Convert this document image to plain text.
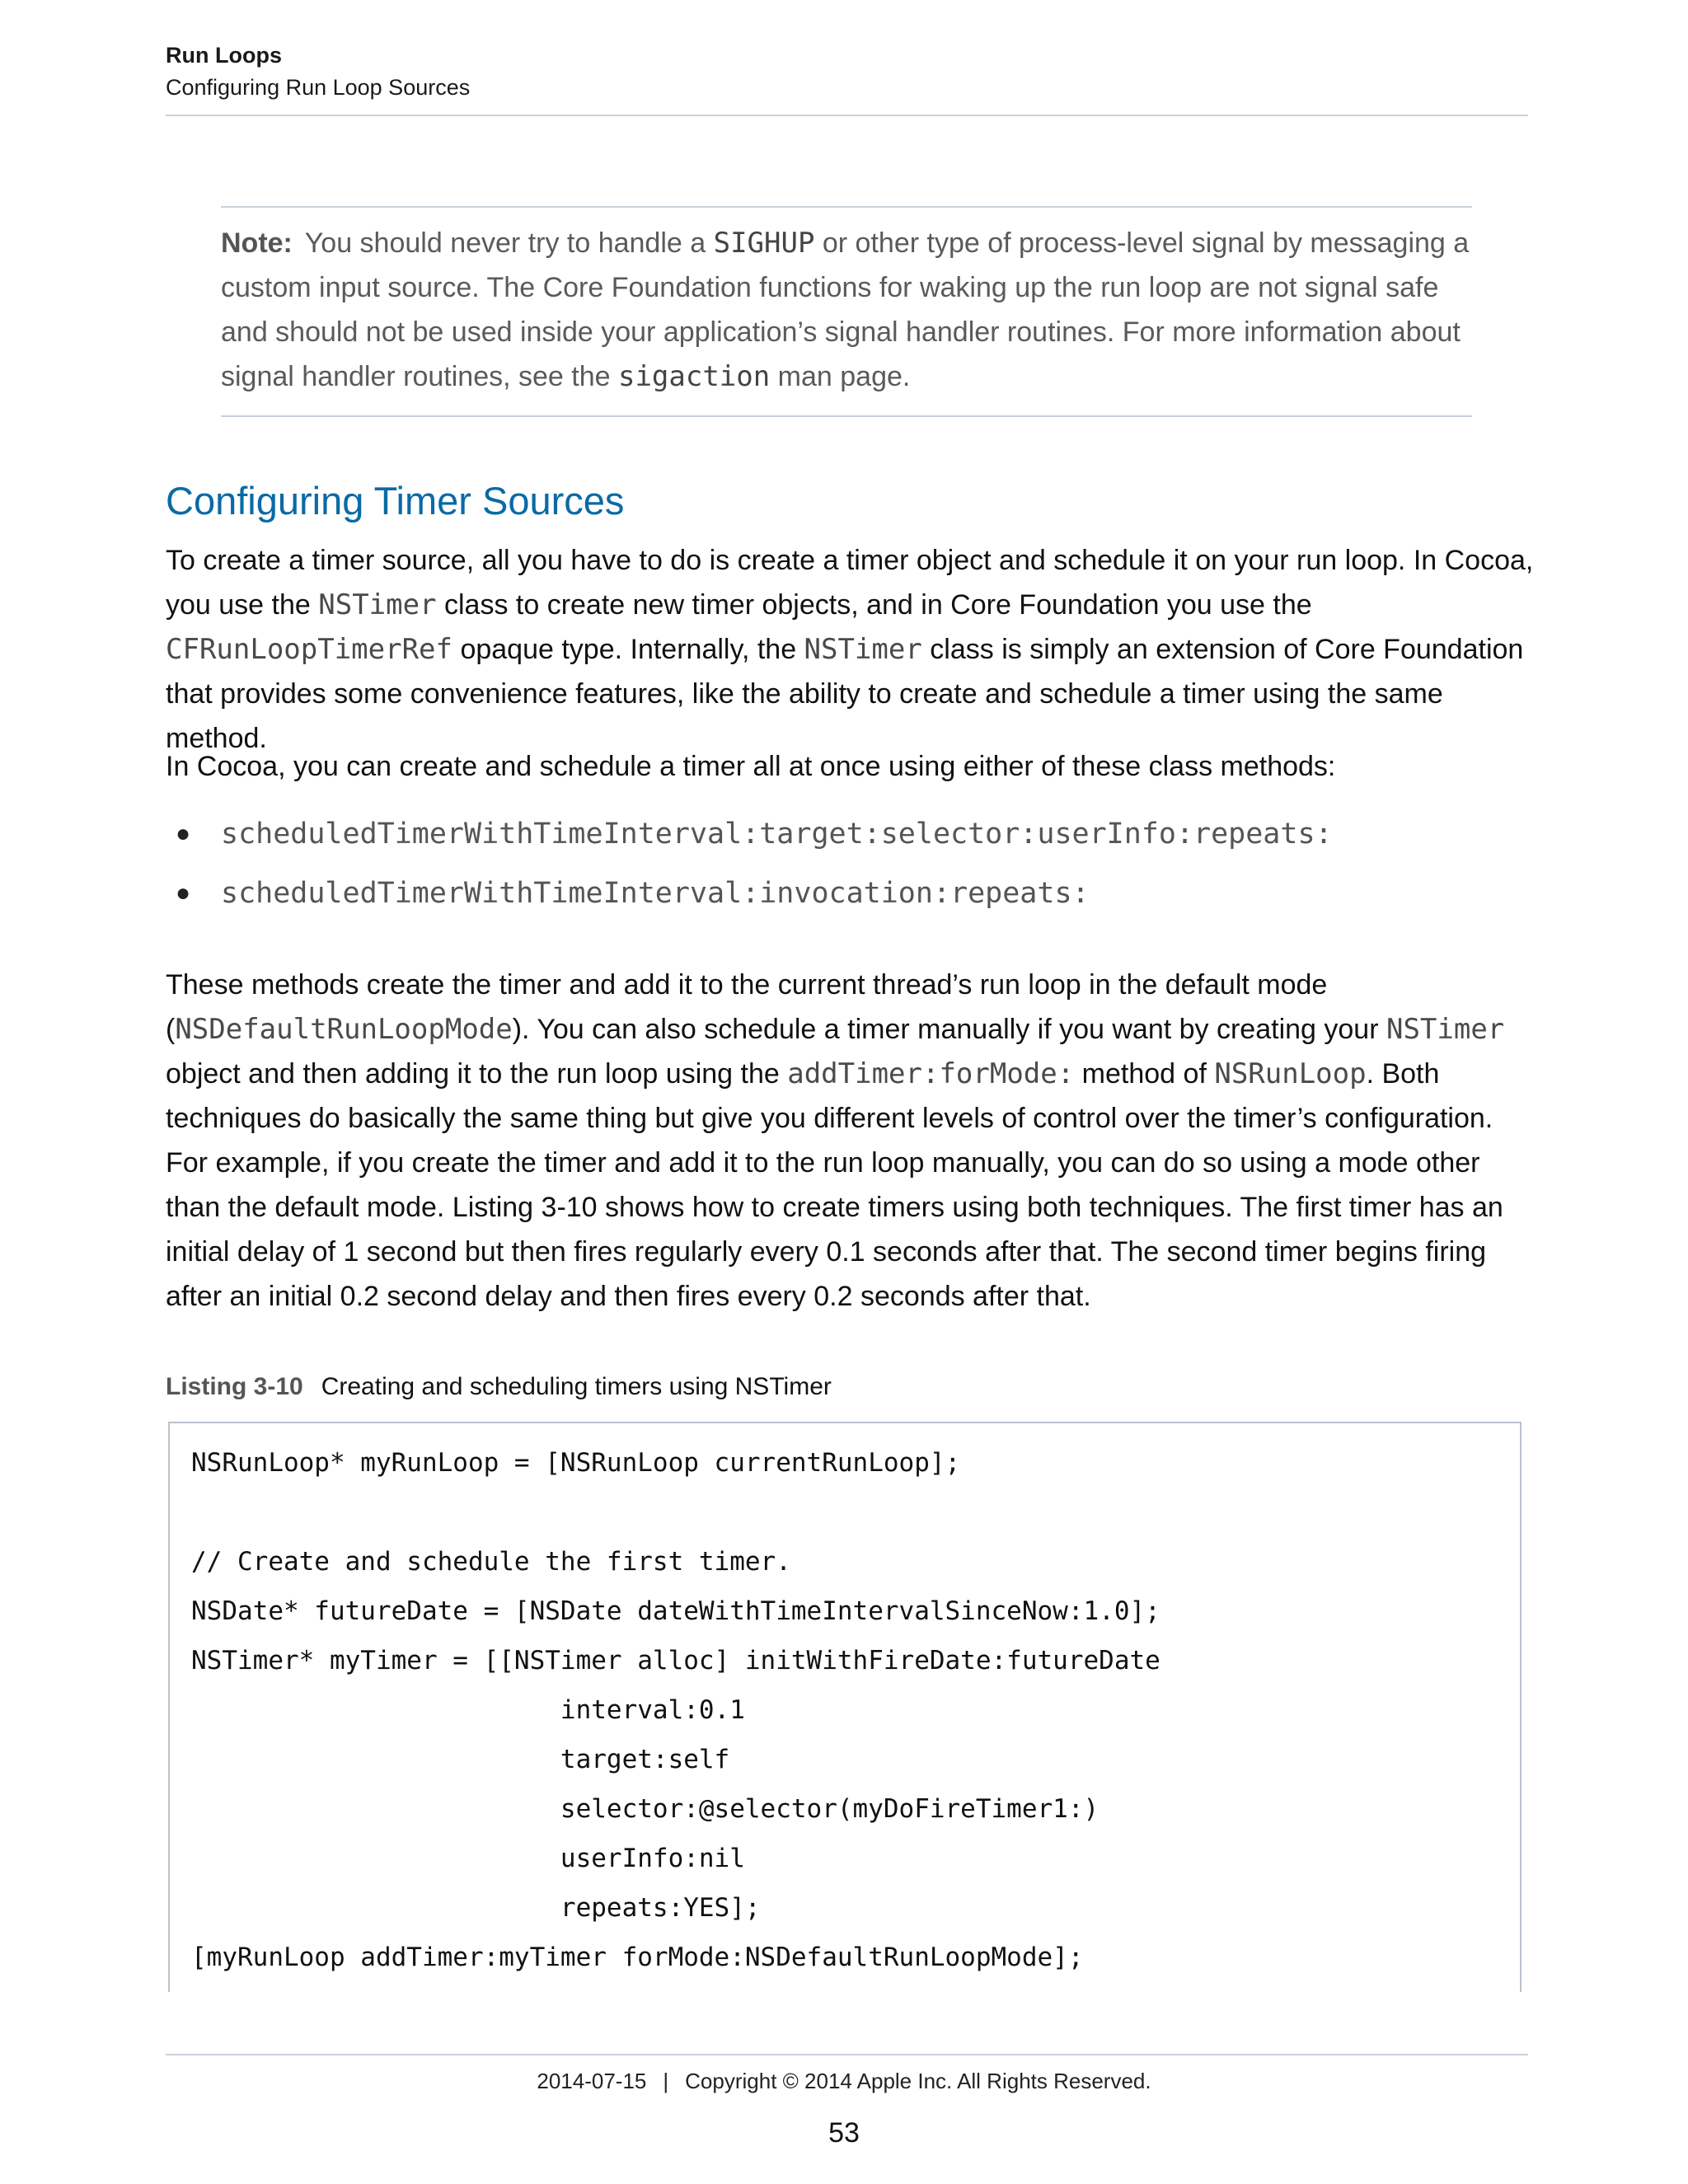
Run Loops
Configuring Run Loop Sources

Note: You should never try to handle a SIGHUP or other type of process-level signal by messaging a custom input source. The Core Foundation functions for waking up the run loop are not signal safe and should not be used inside your application’s signal handler routines. For more information about signal handler routines, see the sigaction man page.

Configuring Timer Sources

To create a timer source, all you have to do is create a timer object and schedule it on your run loop. In Cocoa, you use the NSTimer class to create new timer objects, and in Core Foundation you use the CFRunLoopTimerRef opaque type. Internally, the NSTimer class is simply an extension of Core Foundation that provides some convenience features, like the ability to create and schedule a timer using the same method.

In Cocoa, you can create and schedule a timer all at once using either of these class methods:

● scheduledTimerWithTimeInterval:target:selector:userInfo:repeats:
● scheduledTimerWithTimeInterval:invocation:repeats:

These methods create the timer and add it to the current thread’s run loop in the default mode (NSDefaultRunLoopMode). You can also schedule a timer manually if you want by creating your NSTimer object and then adding it to the run loop using the addTimer:forMode: method of NSRunLoop. Both techniques do basically the same thing but give you different levels of control over the timer’s configuration. For example, if you create the timer and add it to the run loop manually, you can do so using a mode other than the default mode. Listing 3-10 shows how to create timers using both techniques. The first timer has an initial delay of 1 second but then fires regularly every 0.1 seconds after that. The second timer begins firing after an initial 0.2 second delay and then fires every 0.2 seconds after that.

Listing 3-10 Creating and scheduling timers using NSTimer
NSRunLoop* myRunLoop = [NSRunLoop currentRunLoop];
// Create and schedule the first timer.
NSDate* futureDate = [NSDate dateWithTimeIntervalSinceNow:1.0];
NSTimer* myTimer = [[NSTimer alloc] initWithFireDate:futureDate
interval:0.1
target:self
selector:@selector(myDoFireTimer1:)
userInfo:nil
repeats:YES];
[myRunLoop addTimer:myTimer forMode:NSDefaultRunLoopMode];
2014-07-15 | Copyright © 2014 Apple Inc. All Rights Reserved.
53
